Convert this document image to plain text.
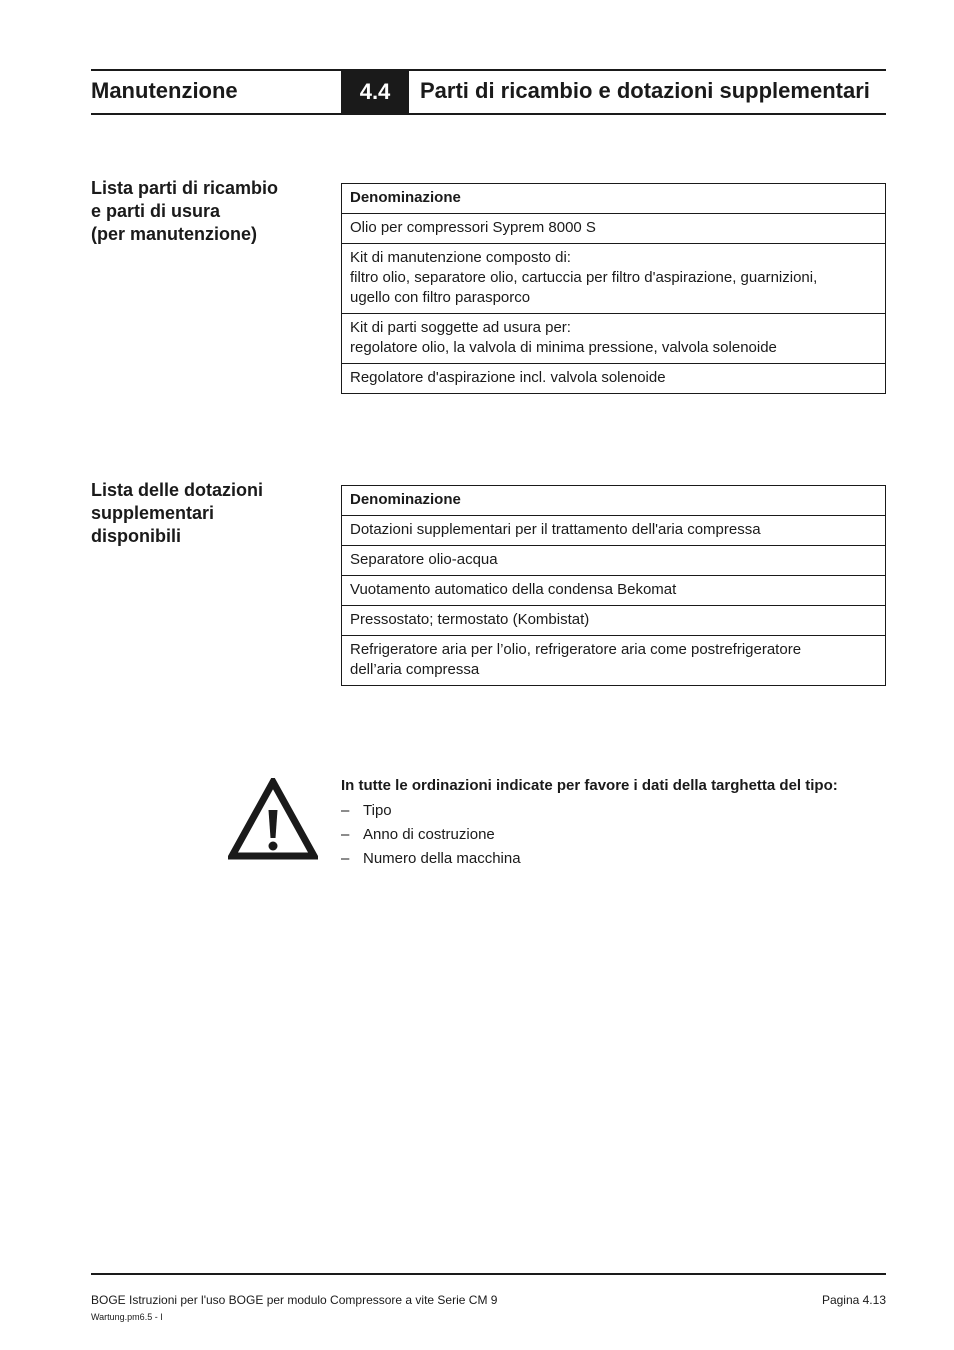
Manutenzione	4.4	Parti di ricambio e dotazioni supplementari
Lista parti di ricambio
e parti di usura
(per manutenzione)
Denominazione

Olio per compressori Syprem 8000 S

Kit di manutenzione composto di:
filtro olio, separatore olio, cartuccia per filtro d'aspirazione, guarnizioni,
ugello con filtro parasporco

Kit di parti soggette ad usura per:
regolatore olio, la valvola di minima pressione, valvola solenoide

Regolatore d'aspirazione incl. valvola solenoide
Lista delle dotazioni
supplementari
disponibili
Denominazione

Dotazioni supplementari per il trattamento dell'aria compressa

Separatore olio-acqua

Vuotamento automatico della condensa Bekomat

Pressostato; termostato (Kombistat)

Refrigeratore aria per l’olio, refrigeratore aria come postrefrigeratore
dell’aria compressa
In tutte le ordinazioni indicate per favore i dati della targhetta del tipo:
– Tipo
– Anno di costruzione
– Numero della macchina
BOGE Istruzioni per l'uso BOGE per modulo Compressore a vite Serie CM 9
Wartung.pm6.5 - I
Pagina 4.13
